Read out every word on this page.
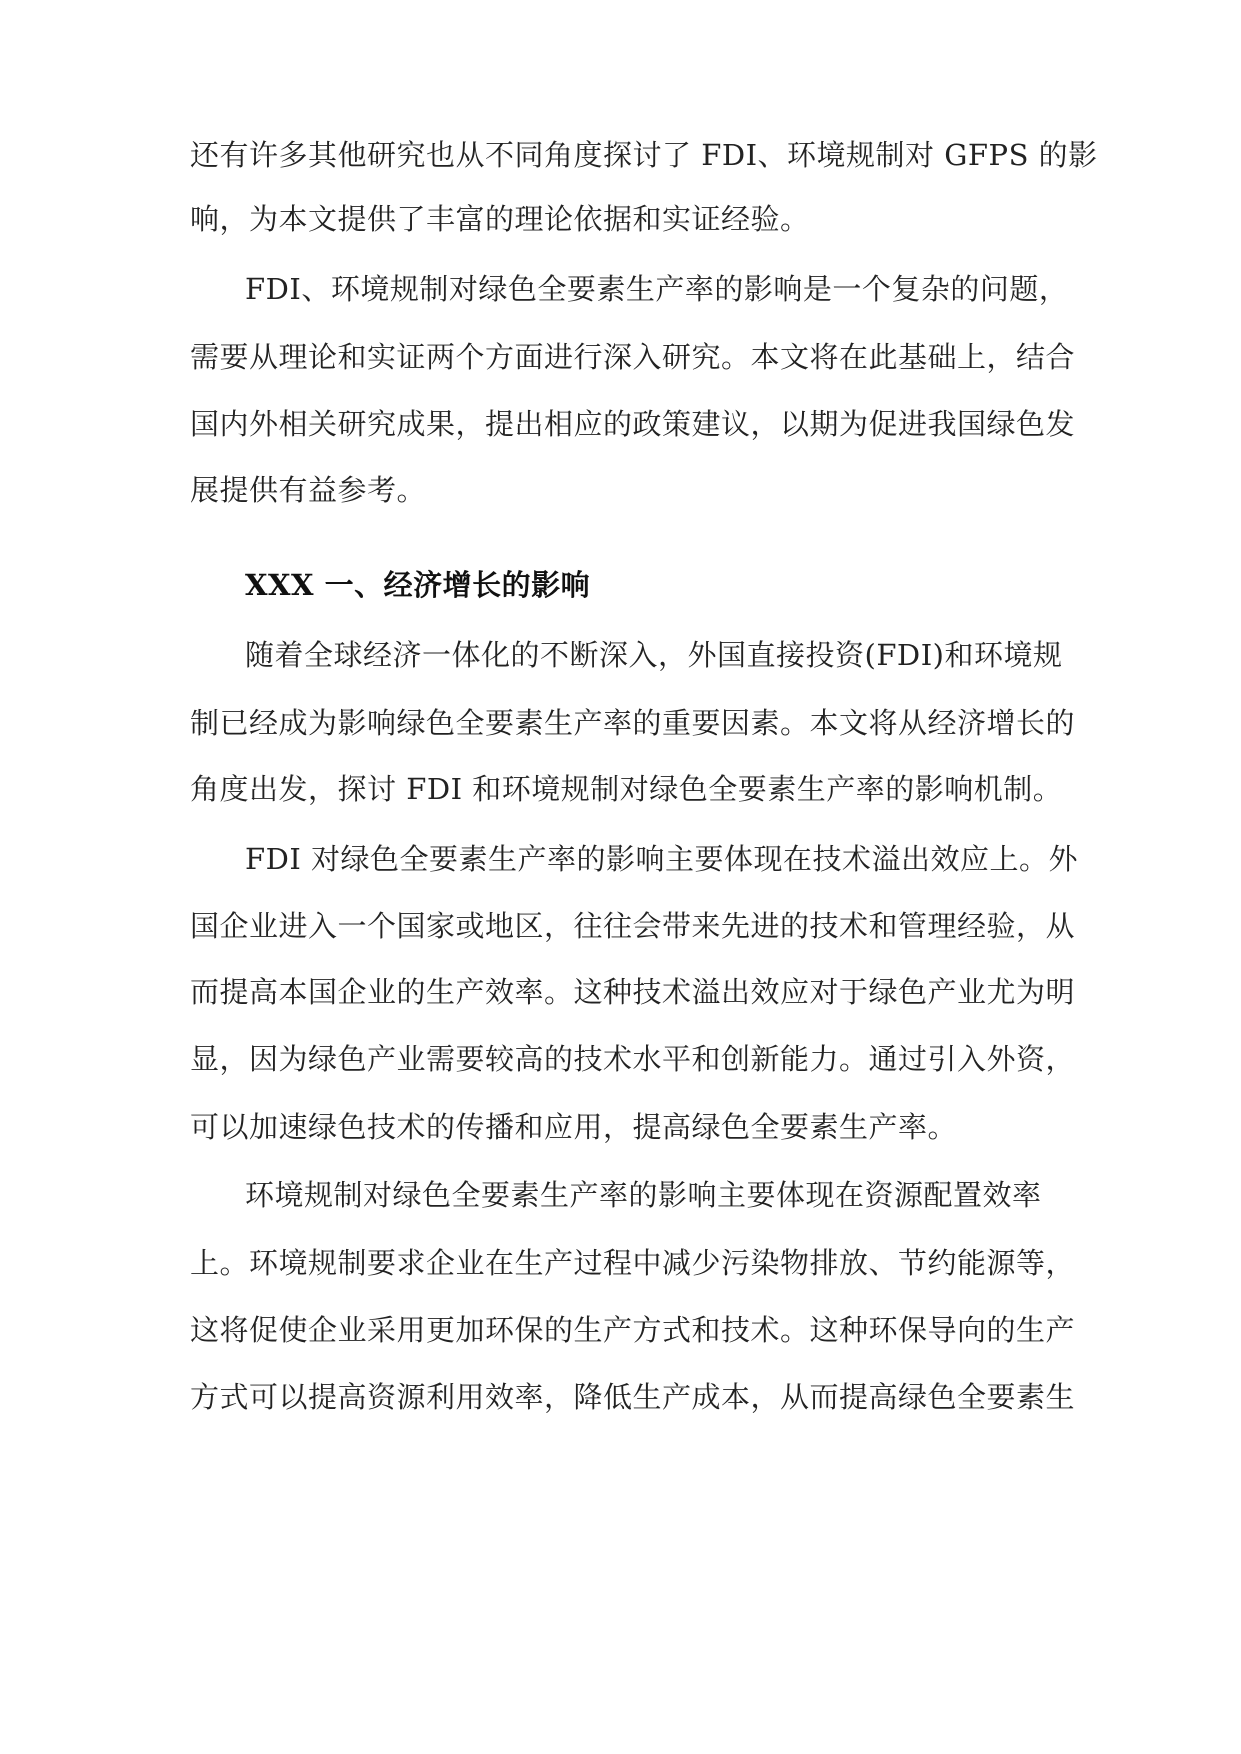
还有许多其他研究也从不同角度探讨了 FDI、环境规制对 GFPS 的影
响，为本文提供了丰富的理论依据和实证经验。
FDI、环境规制对绿色全要素生产率的影响是一个复杂的问题，
需要从理论和实证两个方面进行深入研究。本文将在此基础上，结合
国内外相关研究成果，提出相应的政策建议，以期为促进我国绿色发
展提供有益参考。
XXX 一、经济增长的影响
随着全球经济一体化的不断深入，外国直接投资(FDI)和环境规
制已经成为影响绿色全要素生产率的重要因素。本文将从经济增长的
角度出发，探讨 FDI 和环境规制对绿色全要素生产率的影响机制。
FDI 对绿色全要素生产率的影响主要体现在技术溢出效应上。外
国企业进入一个国家或地区，往往会带来先进的技术和管理经验，从
而提高本国企业的生产效率。这种技术溢出效应对于绿色产业尤为明
显，因为绿色产业需要较高的技术水平和创新能力。通过引入外资，
可以加速绿色技术的传播和应用，提高绿色全要素生产率。
环境规制对绿色全要素生产率的影响主要体现在资源配置效率
上。环境规制要求企业在生产过程中减少污染物排放、节约能源等，
这将促使企业采用更加环保的生产方式和技术。这种环保导向的生产
方式可以提高资源利用效率，降低生产成本，从而提高绿色全要素生
